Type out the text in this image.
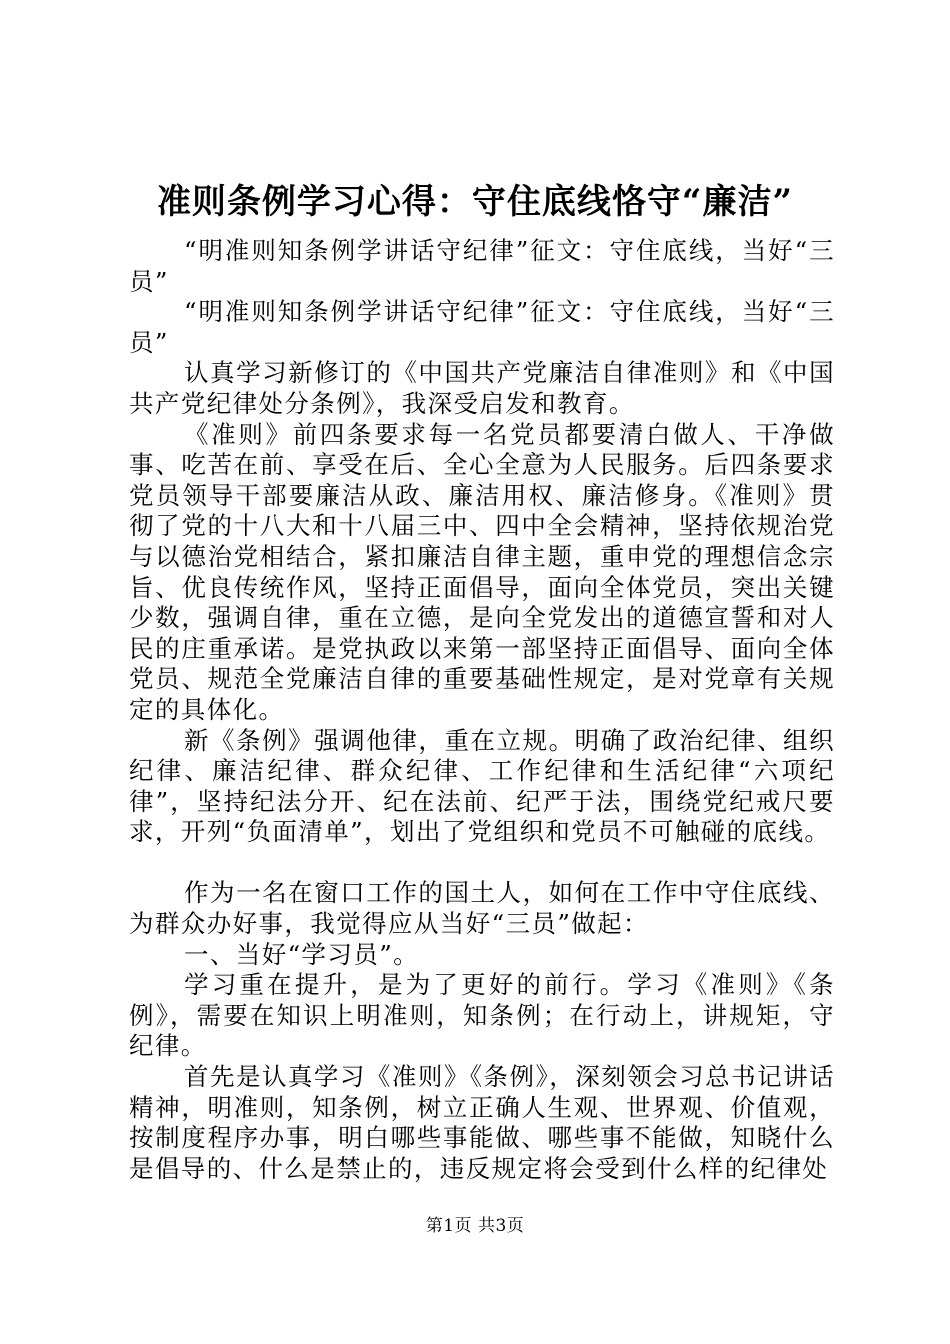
准则条例学习心得：守住底线恪守“廉洁”

“明准则知条例学讲话守纪律”征文：守住底线，当好“三员”

“明准则知条例学讲话守纪律”征文：守住底线，当好“三员”

认真学习新修订的《中国共产党廉洁自律准则》和《中国共产党纪律处分条例》，我深受启发和教育。

《准则》前四条要求每一名党员都要清白做人、干净做事、吃苦在前、享受在后、全心全意为人民服务。后四条要求党员领导干部要廉洁从政、廉洁用权、廉洁修身。《准则》贯彻了党的十八大和十八届三中、四中全会精神，坚持依规治党与以德治党相结合，紧扣廉洁自律主题，重申党的理想信念宗旨、优良传统作风，坚持正面倡导，面向全体党员，突出关键少数，强调自律，重在立德，是向全党发出的道德宣誓和对人民的庄重承诺。是党执政以来第一部坚持正面倡导、面向全体党员、规范全党廉洁自律的重要基础性规定，是对党章有关规定的具体化。

新《条例》强调他律，重在立规。明确了政治纪律、组织纪律、廉洁纪律、群众纪律、工作纪律和生活纪律“六项纪律”，坚持纪法分开、纪在法前、纪严于法，围绕党纪戒尺要求，开列“负面清单”，划出了党组织和党员不可触碰的底线。

作为一名在窗口工作的国土人，如何在工作中守住底线、为群众办好事，我觉得应从当好“三员”做起：

一、当好“学习员”。

学习重在提升，是为了更好的前行。学习《准则》《条例》，需要在知识上明准则，知条例；在行动上，讲规矩，守纪律。

首先是认真学习《准则》《条例》，深刻领会习总书记讲话精神，明准则，知条例，树立正确人生观、世界观、价值观，按制度程序办事，明白哪些事能做、哪些事不能做，知晓什么是倡导的、什么是禁止的，违反规定将会受到什么样的纪律处

第1页 共3页
